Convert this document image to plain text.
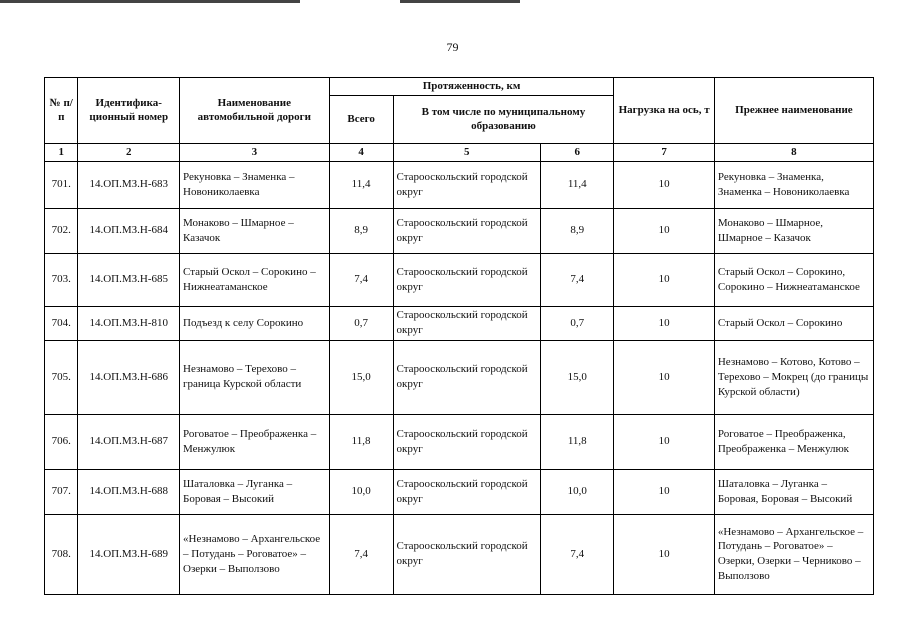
79
№ п/п	Идентифика-ционный номер	Наименование автомобильной дороги	Протяженность, км			Нагрузка на ось, т	Прежнее наименование
			Всего	В том числе по муниципальному образованию			
1	2	3	4	5	6	7	8
701.	14.ОП.МЗ.Н-683	Рекуновка – Знаменка – Новониколаевка	11,4	Старооскольский городской округ	11,4	10	Рекуновка – Знаменка, Знаменка – Новониколаевка
702.	14.ОП.МЗ.Н-684	Монаково – Шмарное – Казачок	8,9	Старооскольский городской округ	8,9	10	Монаково – Шмарное, Шмарное – Казачок
703.	14.ОП.МЗ.Н-685	Старый Оскол – Сорокино – Нижнеатаманское	7,4	Старооскольский городской округ	7,4	10	Старый Оскол – Сорокино, Сорокино – Нижнеатаманское
704.	14.ОП.МЗ.Н-810	Подъезд к селу Сорокино	0,7	Старооскольский городской округ	0,7	10	Старый Оскол – Сорокино
705.	14.ОП.МЗ.Н-686	Незнамово – Терехово – граница Курской области	15,0	Старооскольский городской округ	15,0	10	Незнамово – Котово, Котово – Терехово – Мокрец (до границы Курской области)
706.	14.ОП.МЗ.Н-687	Роговатое – Преображенка – Менжулюк	11,8	Старооскольский городской округ	11,8	10	Роговатое – Преображенка, Преображенка – Менжулюк
707.	14.ОП.МЗ.Н-688	Шаталовка – Луганка – Боровая – Высокий	10,0	Старооскольский городской округ	10,0	10	Шаталовка – Луганка – Боровая, Боровая – Высокий
708.	14.ОП.МЗ.Н-689	«Незнамово – Архангельское – Потудань – Роговатое» – Озерки – Выползово	7,4	Старооскольский городской округ	7,4	10	«Незнамово – Архангельское – Потудань – Роговатое» – Озерки, Озерки – Черниково – Выползово
